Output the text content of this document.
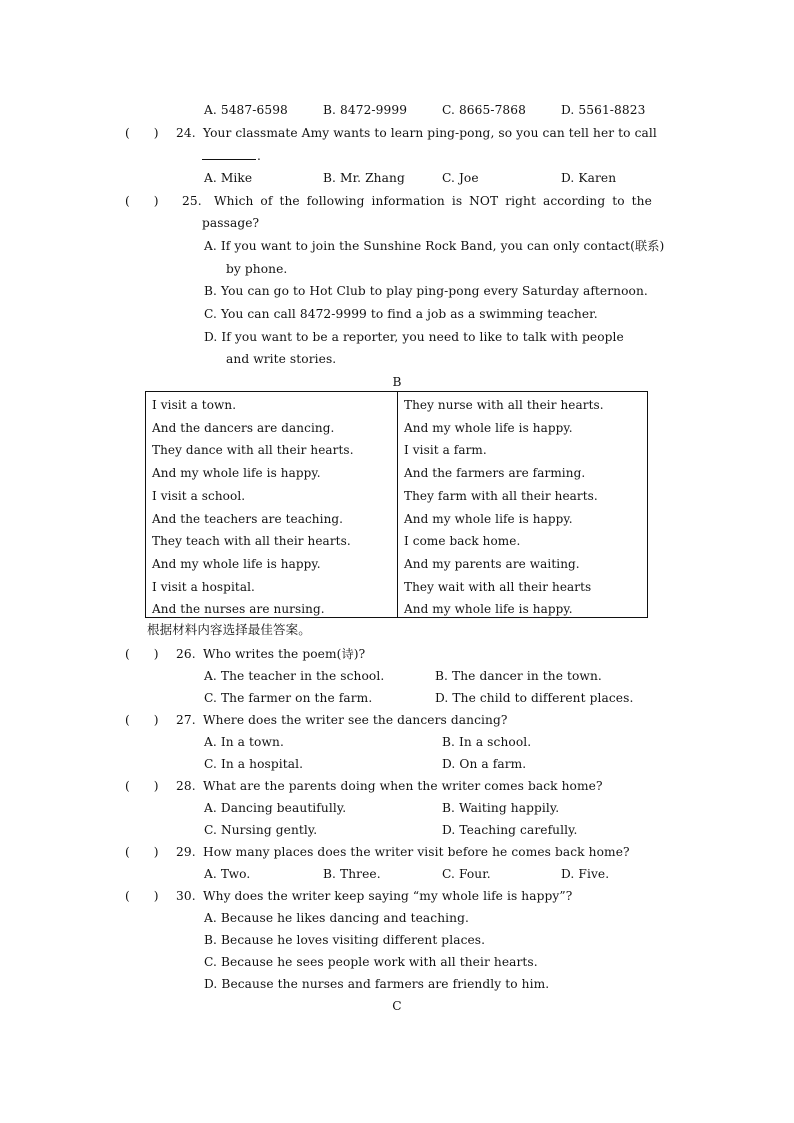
A. 5487-6598	B. 8472-9999	C. 8665-7868	D. 5561-8823
(      ) 24. Your classmate Amy wants to learn ping-pong, so you can tell her to call
.
A. Mike	B. Mr. Zhang	C. Joe	D. Karen
(      ) 25. Which of the following information is NOT right according to the
passage?
A. If you want to join the Sunshine Rock Band, you can only contact(联系)
by phone.
B. You can go to Hot Club to play ping-pong every Saturday afternoon.
C. You can call 8472-9999 to find a job as a swimming teacher.
D. If you want to be a reporter, you need to like to talk with people
and write stories.
B
I visit a town.
And the dancers are dancing.
They dance with all their hearts.
And my whole life is happy.
I visit a school.
And the teachers are teaching.
They teach with all their hearts.
And my whole life is happy.
I visit a hospital.
And the nurses are nursing.
They nurse with all their hearts.
And my whole life is happy.
I visit a farm.
And the farmers are farming.
They farm with all their hearts.
And my whole life is happy.
I come back home.
And my parents are waiting.
They wait with all their hearts
And my whole life is happy.
根据材料内容选择最佳答案。
(      ) 26. Who writes the poem(诗)?
A. The teacher in the school.	B. The dancer in the town.
C. The farmer on the farm.	D. The child to different places.
(      ) 27. Where does the writer see the dancers dancing?
A. In a town.	B. In a school.
C. In a hospital.	D. On a farm.
(      ) 28. What are the parents doing when the writer comes back home?
A. Dancing beautifully.	B. Waiting happily.
C. Nursing gently.	D. Teaching carefully.
(      ) 29. How many places does the writer visit before he comes back home?
A. Two.	B. Three.	C. Four.	D. Five.
(      ) 30. Why does the writer keep saying “my whole life is happy”?
A. Because he likes dancing and teaching.
B. Because he loves visiting different places.
C. Because he sees people work with all their hearts.
D. Because the nurses and farmers are friendly to him.
C
